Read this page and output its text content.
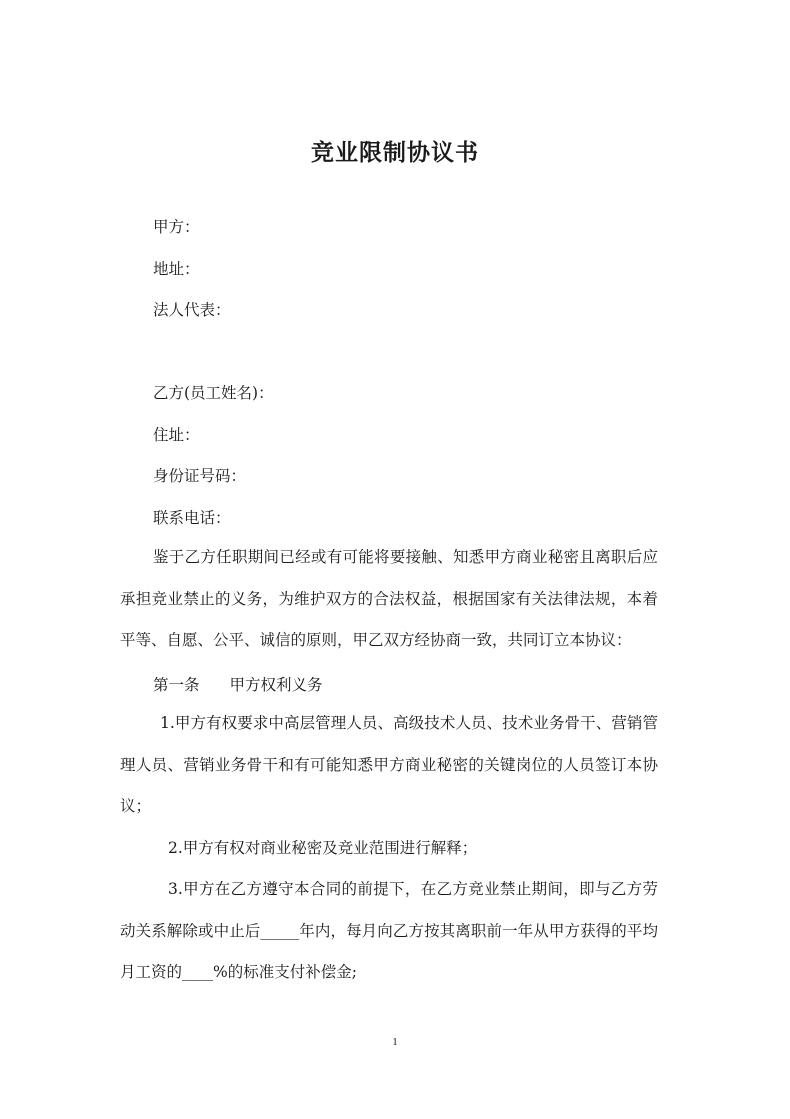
竞业限制协议书
甲方：
地址：
法人代表：
乙方(员工姓名)：
住址：
身份证号码：
联系电话：
鉴于乙方任职期间已经或有可能将要接触、知悉甲方商业秘密且离职后应承担竞业禁止的义务，为维护双方的合法权益，根据国家有关法律法规，本着平等、自愿、公平、诚信的原则，甲乙双方经协商一致，共同订立本协议：
第一条 甲方权利义务
1.甲方有权要求中高层管理人员、高级技术人员、技术业务骨干、营销管理人员、营销业务骨干和有可能知悉甲方商业秘密的关键岗位的人员签订本协议；
2.甲方有权对商业秘密及竞业范围进行解释；
3.甲方在乙方遵守本合同的前提下，在乙方竞业禁止期间，即与乙方劳动关系解除或中止后_____年内，每月向乙方按其离职前一年从甲方获得的平均月工资的____%的标准支付补偿金;
1
